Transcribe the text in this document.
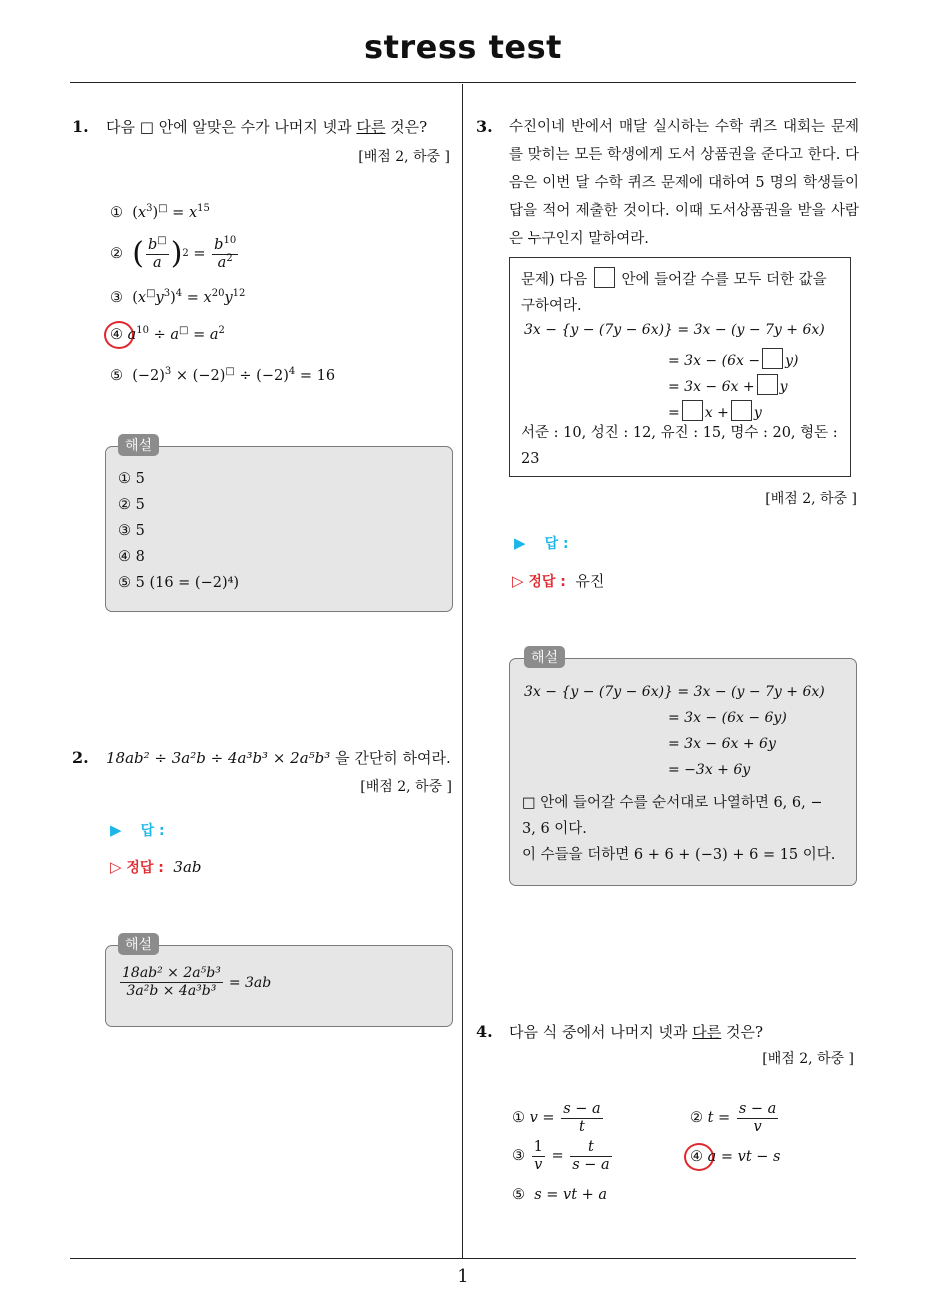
stress test
1
1. 다음 □ 안에 알맞은 수가 나머지 넷과 다른 것은?
[배점 2, 하중 ]
①  $(x^3)^□ = x^{15}$
②
( $\frac{b^□}{a}$ ) $2 = \frac{b^{10}}{a^2}$
③  $(x^□y^3)^4 = x^{20}y^{12}$
④ $a^{10} \div a^□ = a^2$
⑤  $(-2)^3 \times (-2)^□ \div (-2)^4 = 16$
해설
① 5
② 5
③ 5
④ 8
⑤ 5 (16 = (−2)⁴)
2. 18ab² ÷ 3a²b ÷ 4a³b³ × 2a⁵b³ 을 간단히 하여라.
[배점 2, 하중 ]
▶ 답 :
▷ 정답 : 3ab
해설
$\frac{\text{18ab² × 2a⁵b³}}{\text{3a²b × 4a³b³}} = 3ab$
3. 수진이네 반에서 매달 실시하는 수학 퀴즈 대회는 문제를 맞히는 모든 학생에게 도서 상품권을 준다고 한다. 다음은 이번 달 수학 퀴즈 문제에 대하여 5 명의 학생들이 답을 적어 제출한 것이다. 이때 도서상품권을 받을 사람은 누구인지 말하여라.
문제) 다음 안에 들어갈 수를 모두 더한 값을
구하여라.
3x − {y − (7y − 6x)} = 3x − (y − 7y + 6x)
= 3x − (6x − y)
= 3x − 6x + y
= x + y
서준 : 10, 성진 : 12, 유진 : 15, 명수 : 20, 형돈 :
23
[배점 2, 하중 ]
▶ 답 :
▷ 정답 : 유진
해설
3x − {y − (7y − 6x)} = 3x − (y − 7y + 6x)
= 3x − (6x − 6y)
= 3x − 6x + 6y
= −3x + 6y
□ 안에 들어갈 수를 순서대로 나열하면 6, 6, −
3, 6 이다.
이 수들을 더하면 6 + 6 + (−3) + 6 = 15 이다.
4. 다음 식 중에서 나머지 넷과 다른 것은?
[배점 2, 하중 ]
①
$v = \frac{s - a}{t}$	②
$t = \frac{s - a}{v}$
③
$\frac{1}{v} = \frac{t}{s - a}$	④ a = vt − s
⑤ s = vt + a
